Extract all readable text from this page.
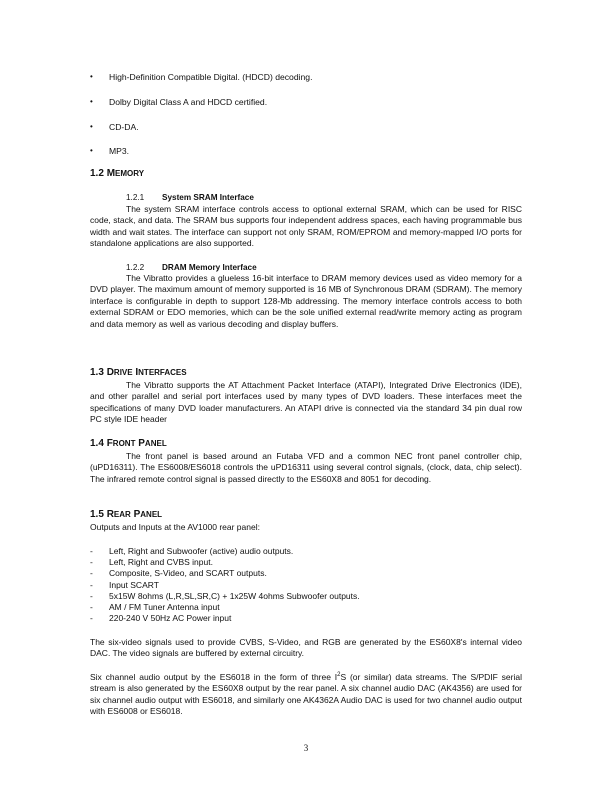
• High-Definition Compatible Digital. (HDCD) decoding.
• Dolby Digital Class A and HDCD certified.
• CD-DA.
• MP3.
1.2 MEMORY
1.2.1 System SRAM Interface
The system SRAM interface controls access to optional external SRAM, which can be used for RISC code, stack, and data. The SRAM bus supports four independent address spaces, each having programmable bus width and wait states. The interface can support not only SRAM, ROM/EPROM and memory-mapped I/O ports for standalone applications are also supported.
1.2.2 DRAM Memory Interface
The Vibratto provides a glueless 16-bit interface to DRAM memory devices used as video memory for a DVD player. The maximum amount of memory supported is 16 MB of Synchronous DRAM (SDRAM). The memory interface is configurable in depth to support 128-Mb addressing. The memory interface controls access to both external SDRAM or EDO memories, which can be the sole unified external read/write memory acting as program and data memory as well as various decoding and display buffers.
1.3 DRIVE INTERFACES
The Vibratto supports the AT Attachment Packet Interface (ATAPI), Integrated Drive Electronics (IDE), and other parallel and serial port interfaces used by many types of DVD loaders. These interfaces meet the specifications of many DVD loader manufacturers. An ATAPI drive is connected via the standard 34 pin dual row PC style IDE header
1.4 FRONT PANEL
The front panel is based around an Futaba VFD and a common NEC front panel controller chip, (uPD16311). The ES6008/ES6018 controls the uPD16311 using several control signals, (clock, data, chip select). The infrared remote control signal is passed directly to the ES60X8 and 8051 for decoding.
1.5 REAR PANEL
Outputs and Inputs at the AV1000 rear panel:
- Left, Right and Subwoofer (active) audio outputs.
- Left, Right and CVBS input.
- Composite, S-Video, and SCART outputs.
- Input SCART
- 5x15W 8ohms (L,R,SL,SR,C) + 1x25W 4ohms Subwoofer outputs.
- AM / FM Tuner Antenna input
- 220-240 V 50Hz AC Power input
The six-video signals used to provide CVBS, S-Video, and RGB are generated by the ES60X8's internal video DAC. The video signals are buffered by external circuitry.
Six channel audio output by the ES6018 in the form of three $I^2S$ (or similar) data streams. The S/PDIF serial stream is also generated by the ES60X8 output by the rear panel. A six channel audio DAC (AK4356) are used for six channel audio output with ES6018, and similarly one AK4362A Audio DAC is used for two channel audio output with ES6008 or ES6018.
3
